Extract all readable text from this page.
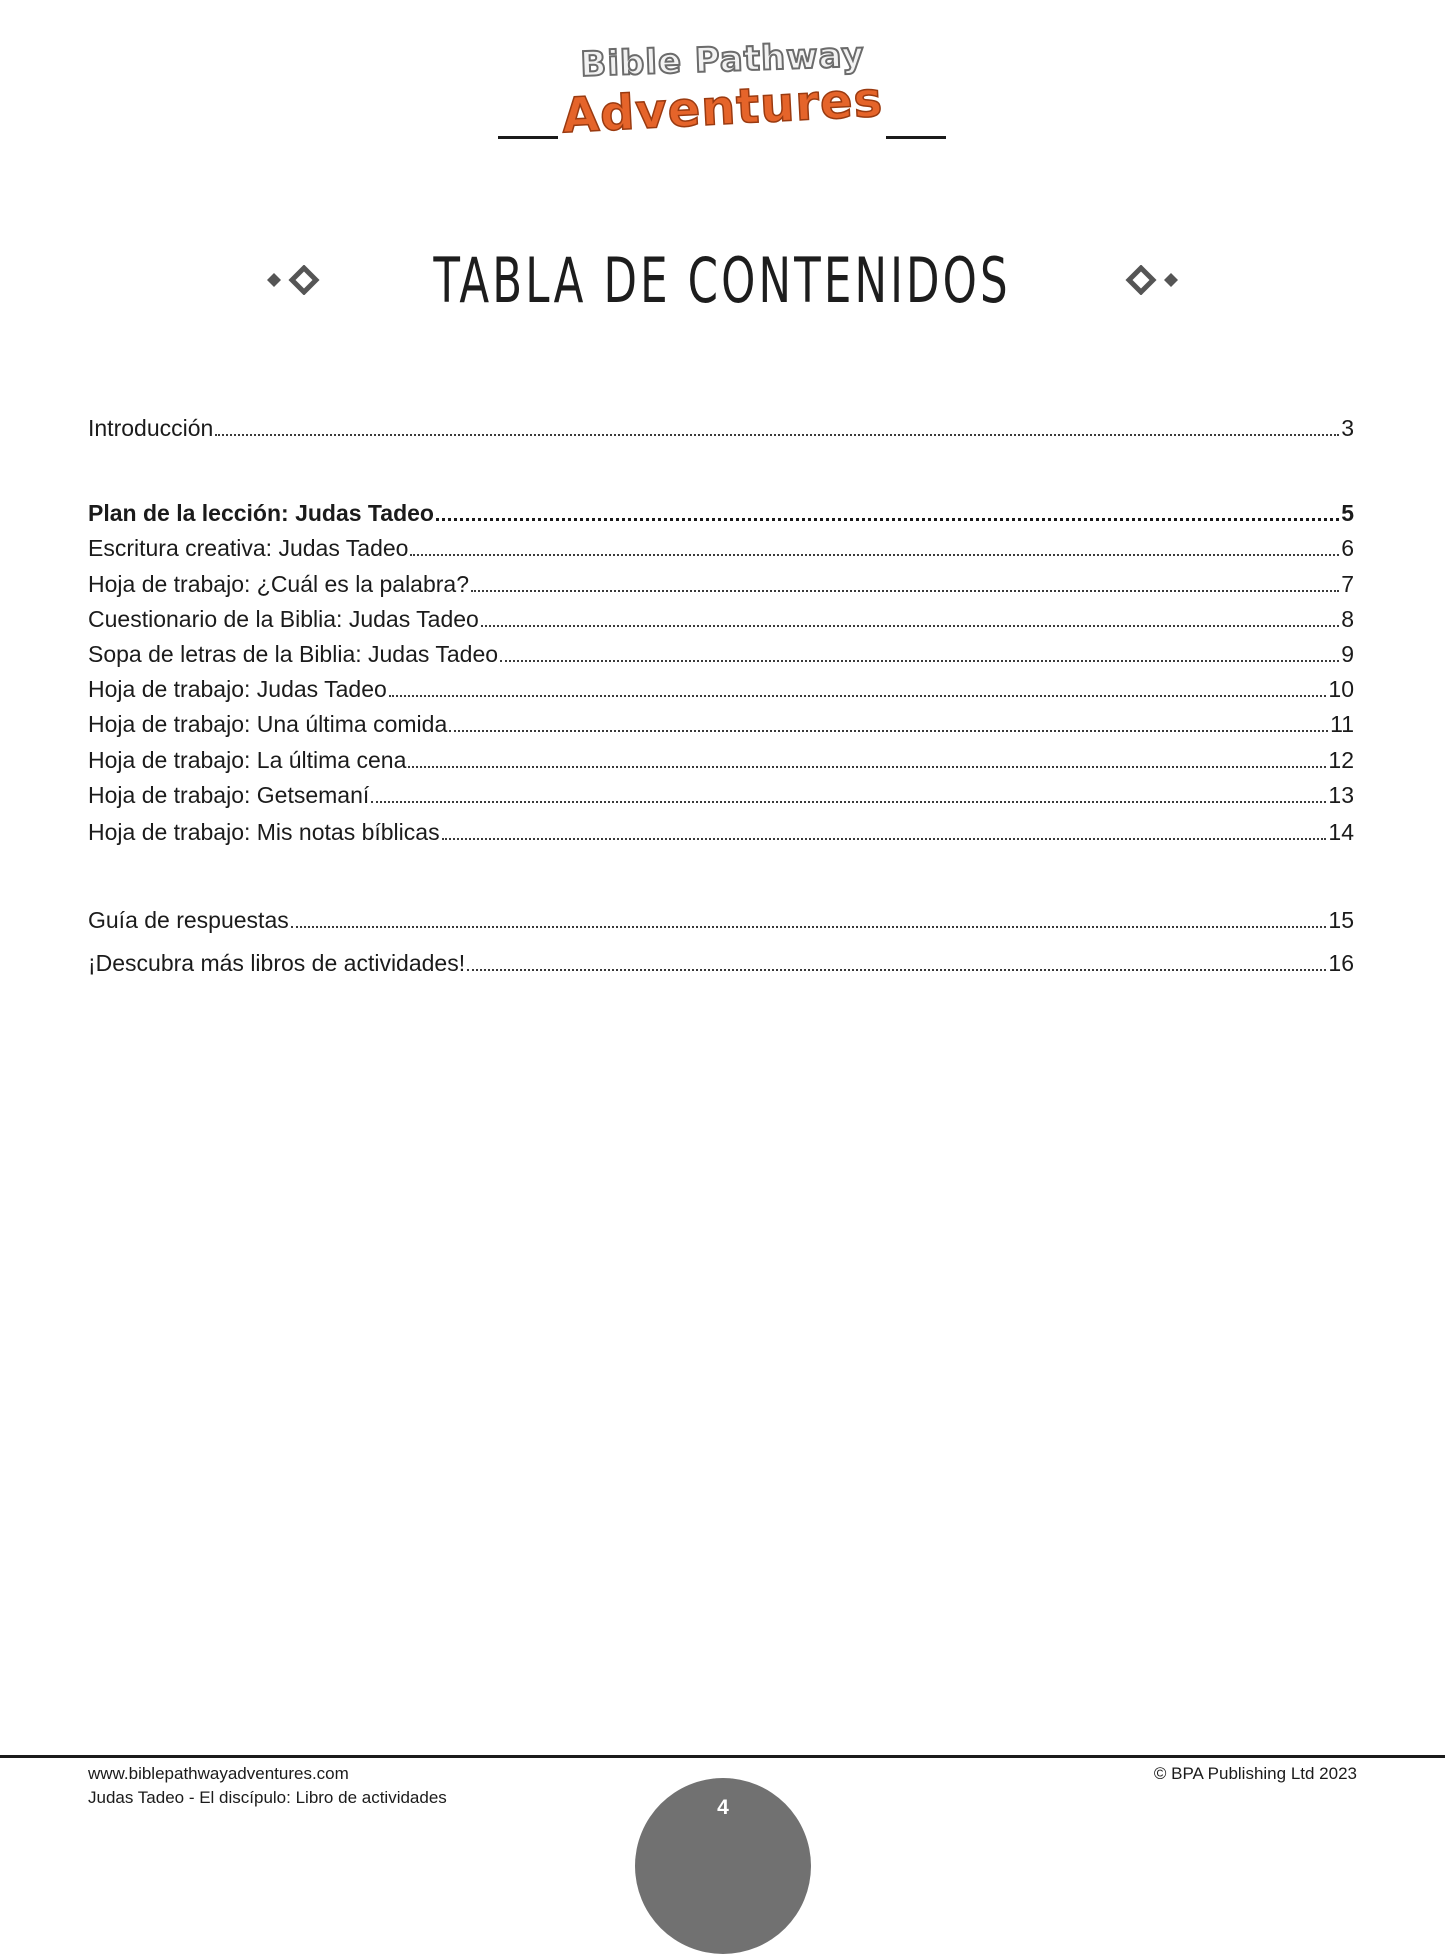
Bible Pathway
Adventures
TABLA DE CONTENIDOS
Introducción	3
Plan de la lección: Judas Tadeo	5
Escritura creativa: Judas Tadeo	6
Hoja de trabajo: ¿Cuál es la palabra?	7
Cuestionario de la Biblia: Judas Tadeo	8
Sopa de letras de la Biblia: Judas Tadeo	9
Hoja de trabajo: Judas Tadeo	10
Hoja de trabajo: Una última comida	11
Hoja de trabajo: La última cena	12
Hoja de trabajo: Getsemaní	13
Hoja de trabajo: Mis notas bíblicas	14
Guía de respuestas	15
¡Descubra más libros de actividades!	16
www.biblepathwayadventures.com
Judas Tadeo - El discípulo: Libro de actividades
© BPA Publishing Ltd 2023
4
